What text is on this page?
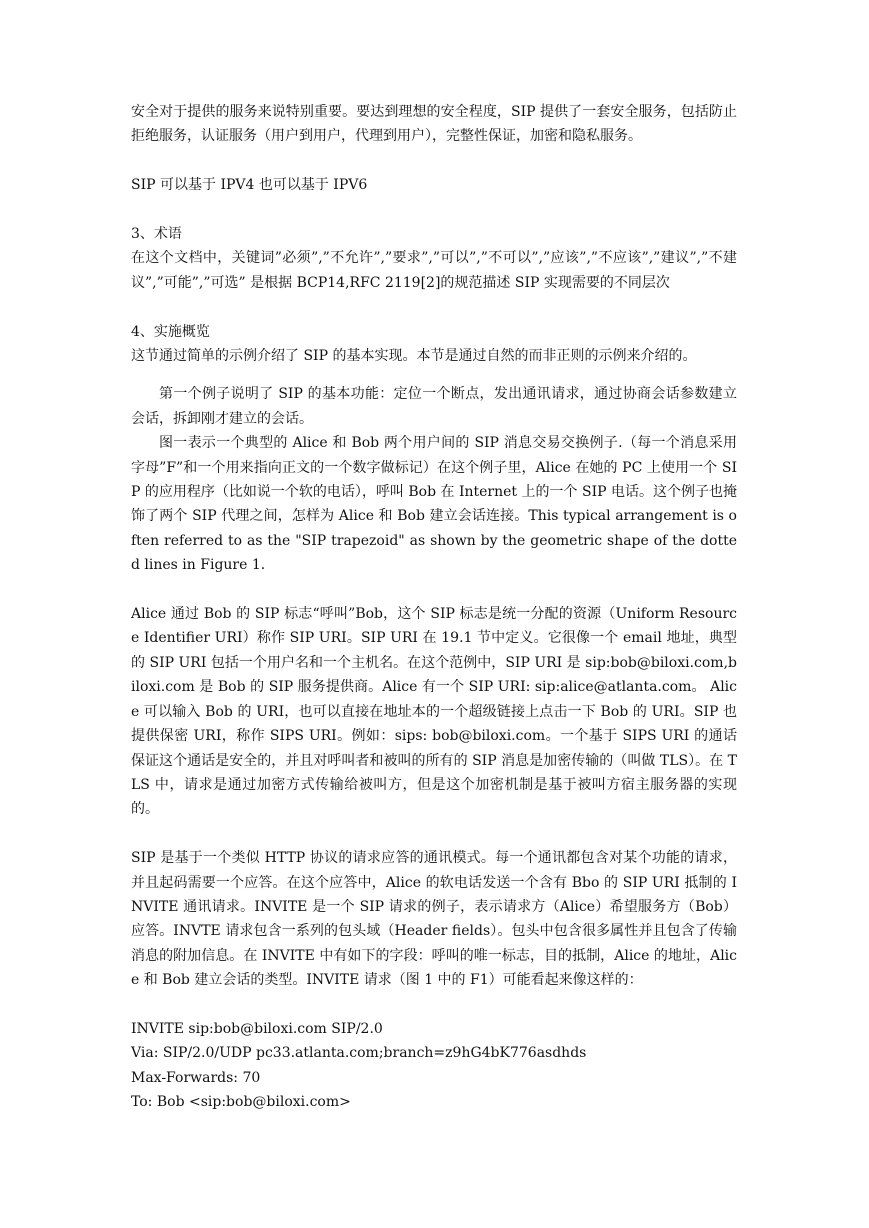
安全对于提供的服务来说特别重要。要达到理想的安全程度，SIP 提供了一套安全服务，包括防止拒绝服务，认证服务（用户到用户，代理到用户），完整性保证，加密和隐私服务。

SIP 可以基于 IPV4 也可以基于 IPV6

3、术语

在这个文档中，关键词”必须”,”不允许”,”要求”,”可以”,”不可以”,”应该”,”不应该”,”建议”,”不建议”,”可能”,”可选” 是根据 BCP14,RFC 2119[2]的规范描述 SIP 实现需要的不同层次

4、实施概览

这节通过简单的示例介绍了 SIP 的基本实现。本节是通过自然的而非正则的示例来介绍的。

第一个例子说明了 SIP 的基本功能：定位一个断点，发出通讯请求，通过协商会话参数建立会话，拆卸刚才建立的会话。

图一表示一个典型的 Alice 和 Bob 两个用户间的 SIP 消息交易交换例子.（每一个消息采用字母”F”和一个用来指向正文的一个数字做标记）在这个例子里，Alice 在她的 PC 上使用一个 SIP 的应用程序（比如说一个软的电话），呼叫 Bob 在 Internet 上的一个 SIP 电话。这个例子也掩饰了两个 SIP 代理之间，怎样为 Alice 和 Bob 建立会话连接。This typical arrangement is often referred to as the "SIP trapezoid" as shown by the geometric shape of the dotted lines in Figure 1.

Alice 通过 Bob 的 SIP 标志“呼叫”Bob，这个 SIP 标志是统一分配的资源（Uniform Resource Identifier URI）称作 SIP URI。SIP URI 在 19.1 节中定义。它很像一个 email 地址，典型的 SIP URI 包括一个用户名和一个主机名。在这个范例中，SIP URI 是 sip:bob@biloxi.com,biloxi.com 是 Bob 的 SIP 服务提供商。Alice 有一个 SIP URI: sip:alice@atlanta.com。 Alice 可以输入 Bob 的 URI，也可以直接在地址本的一个超级链接上点击一下 Bob 的 URI。SIP 也提供保密 URI，称作 SIPS URI。例如：sips: bob@biloxi.com。一个基于 SIPS URI 的通话保证这个通话是安全的，并且对呼叫者和被叫的所有的 SIP 消息是加密传输的（叫做 TLS）。在 TLS 中，请求是通过加密方式传输给被叫方，但是这个加密机制是基于被叫方宿主服务器的实现的。

SIP 是基于一个类似 HTTP 协议的请求应答的通讯模式。每一个通讯都包含对某个功能的请求，并且起码需要一个应答。在这个应答中，Alice 的软电话发送一个含有 Bbo 的 SIP URI 抵制的 INVITE 通讯请求。INVITE 是一个 SIP 请求的例子，表示请求方（Alice）希望服务方（Bob）应答。INVTE 请求包含一系列的包头域（Header fields）。包头中包含很多属性并且包含了传输消息的附加信息。在 INVITE 中有如下的字段：呼叫的唯一标志，目的抵制，Alice 的地址，Alice 和 Bob 建立会话的类型。INVITE 请求（图 1 中的 F1）可能看起来像这样的：

INVITE sip:bob@biloxi.com SIP/2.0

Via: SIP/2.0/UDP pc33.atlanta.com;branch=z9hG4bK776asdhds

Max-Forwards: 70

To: Bob <sip:bob@biloxi.com>
